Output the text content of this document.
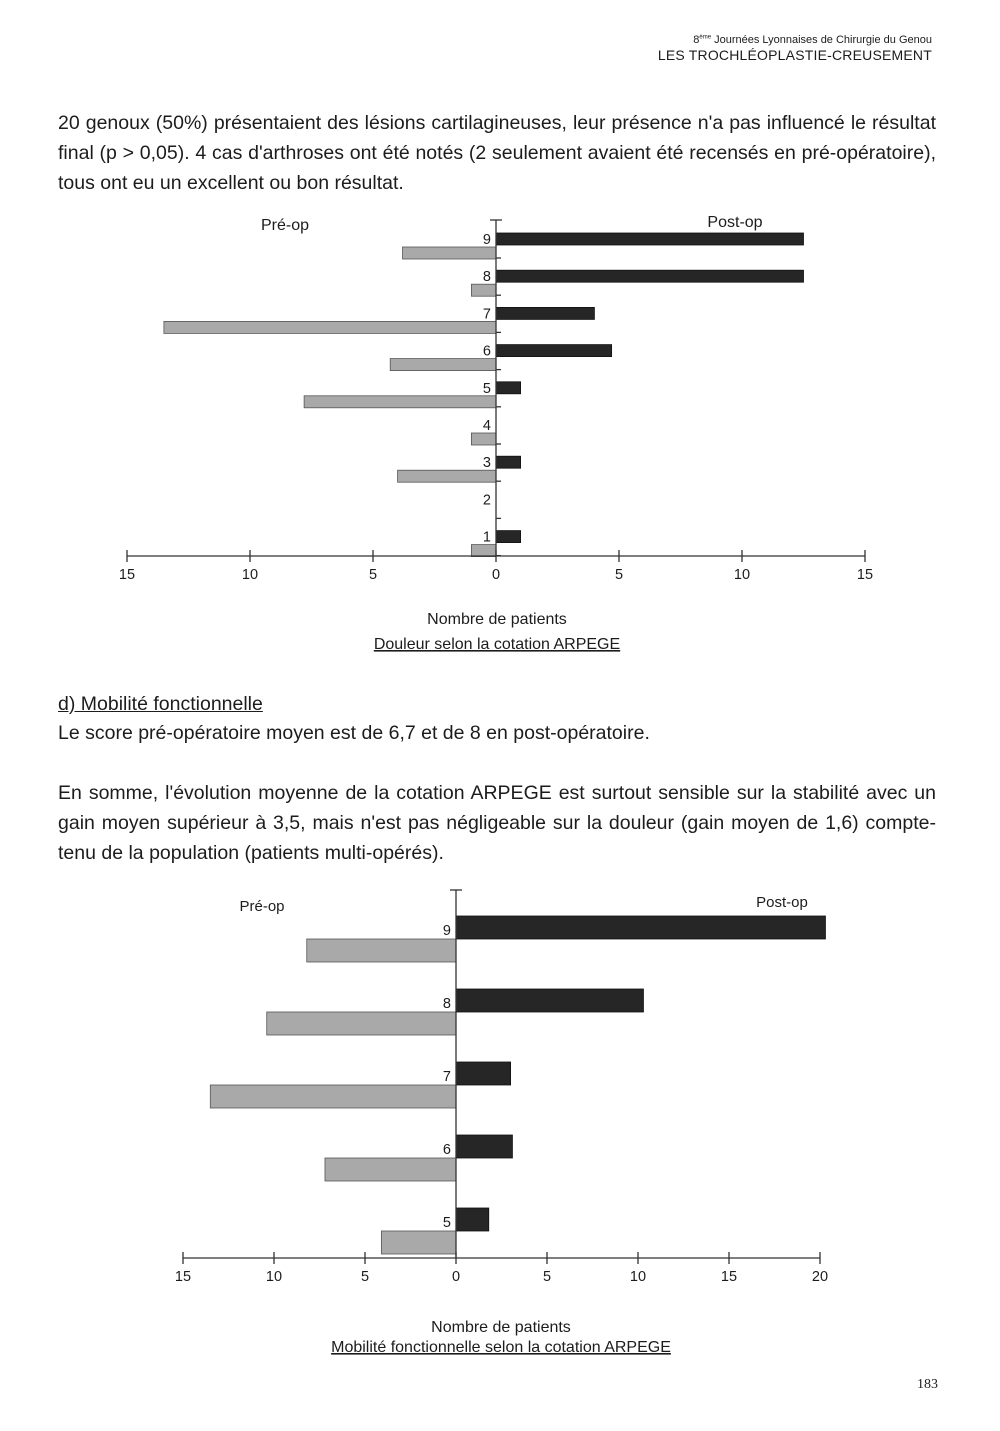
8ème Journées Lyonnaises de Chirurgie du Genou
LES TROCHLÉOPLASTIE-CREUSEMENT

20 genoux (50%) présentaient des lésions cartilagineuses, leur présence n'a pas influencé le résultat final (p > 0,05). 4 cas d'arthroses ont été notés (2 seulement avaient été recensés en pré-opératoire), tous ont eu un excellent ou bon résultat.

9
8
7
6
5
4
3
2
1
15	10	5	0	5	10	15
Pré-op	Post-op
Nombre de patients
Douleur selon la cotation ARPEGE
d) Mobilité fonctionnelle

Le score pré-opératoire moyen est de 6,7 et de 8 en post-opératoire.

En somme, l'évolution moyenne de la cotation ARPEGE est surtout sensible sur la stabilité avec un gain moyen supérieur à 3,5, mais n'est pas négligeable sur la douleur (gain moyen de 1,6) compte-tenu de la population (patients multi-opérés).

9
8
7
6
5
15	10	5	0	5	10	15	20
Pré-op	Post-op
Nombre de patients
Mobilité fonctionnelle selon la cotation ARPEGE
183
